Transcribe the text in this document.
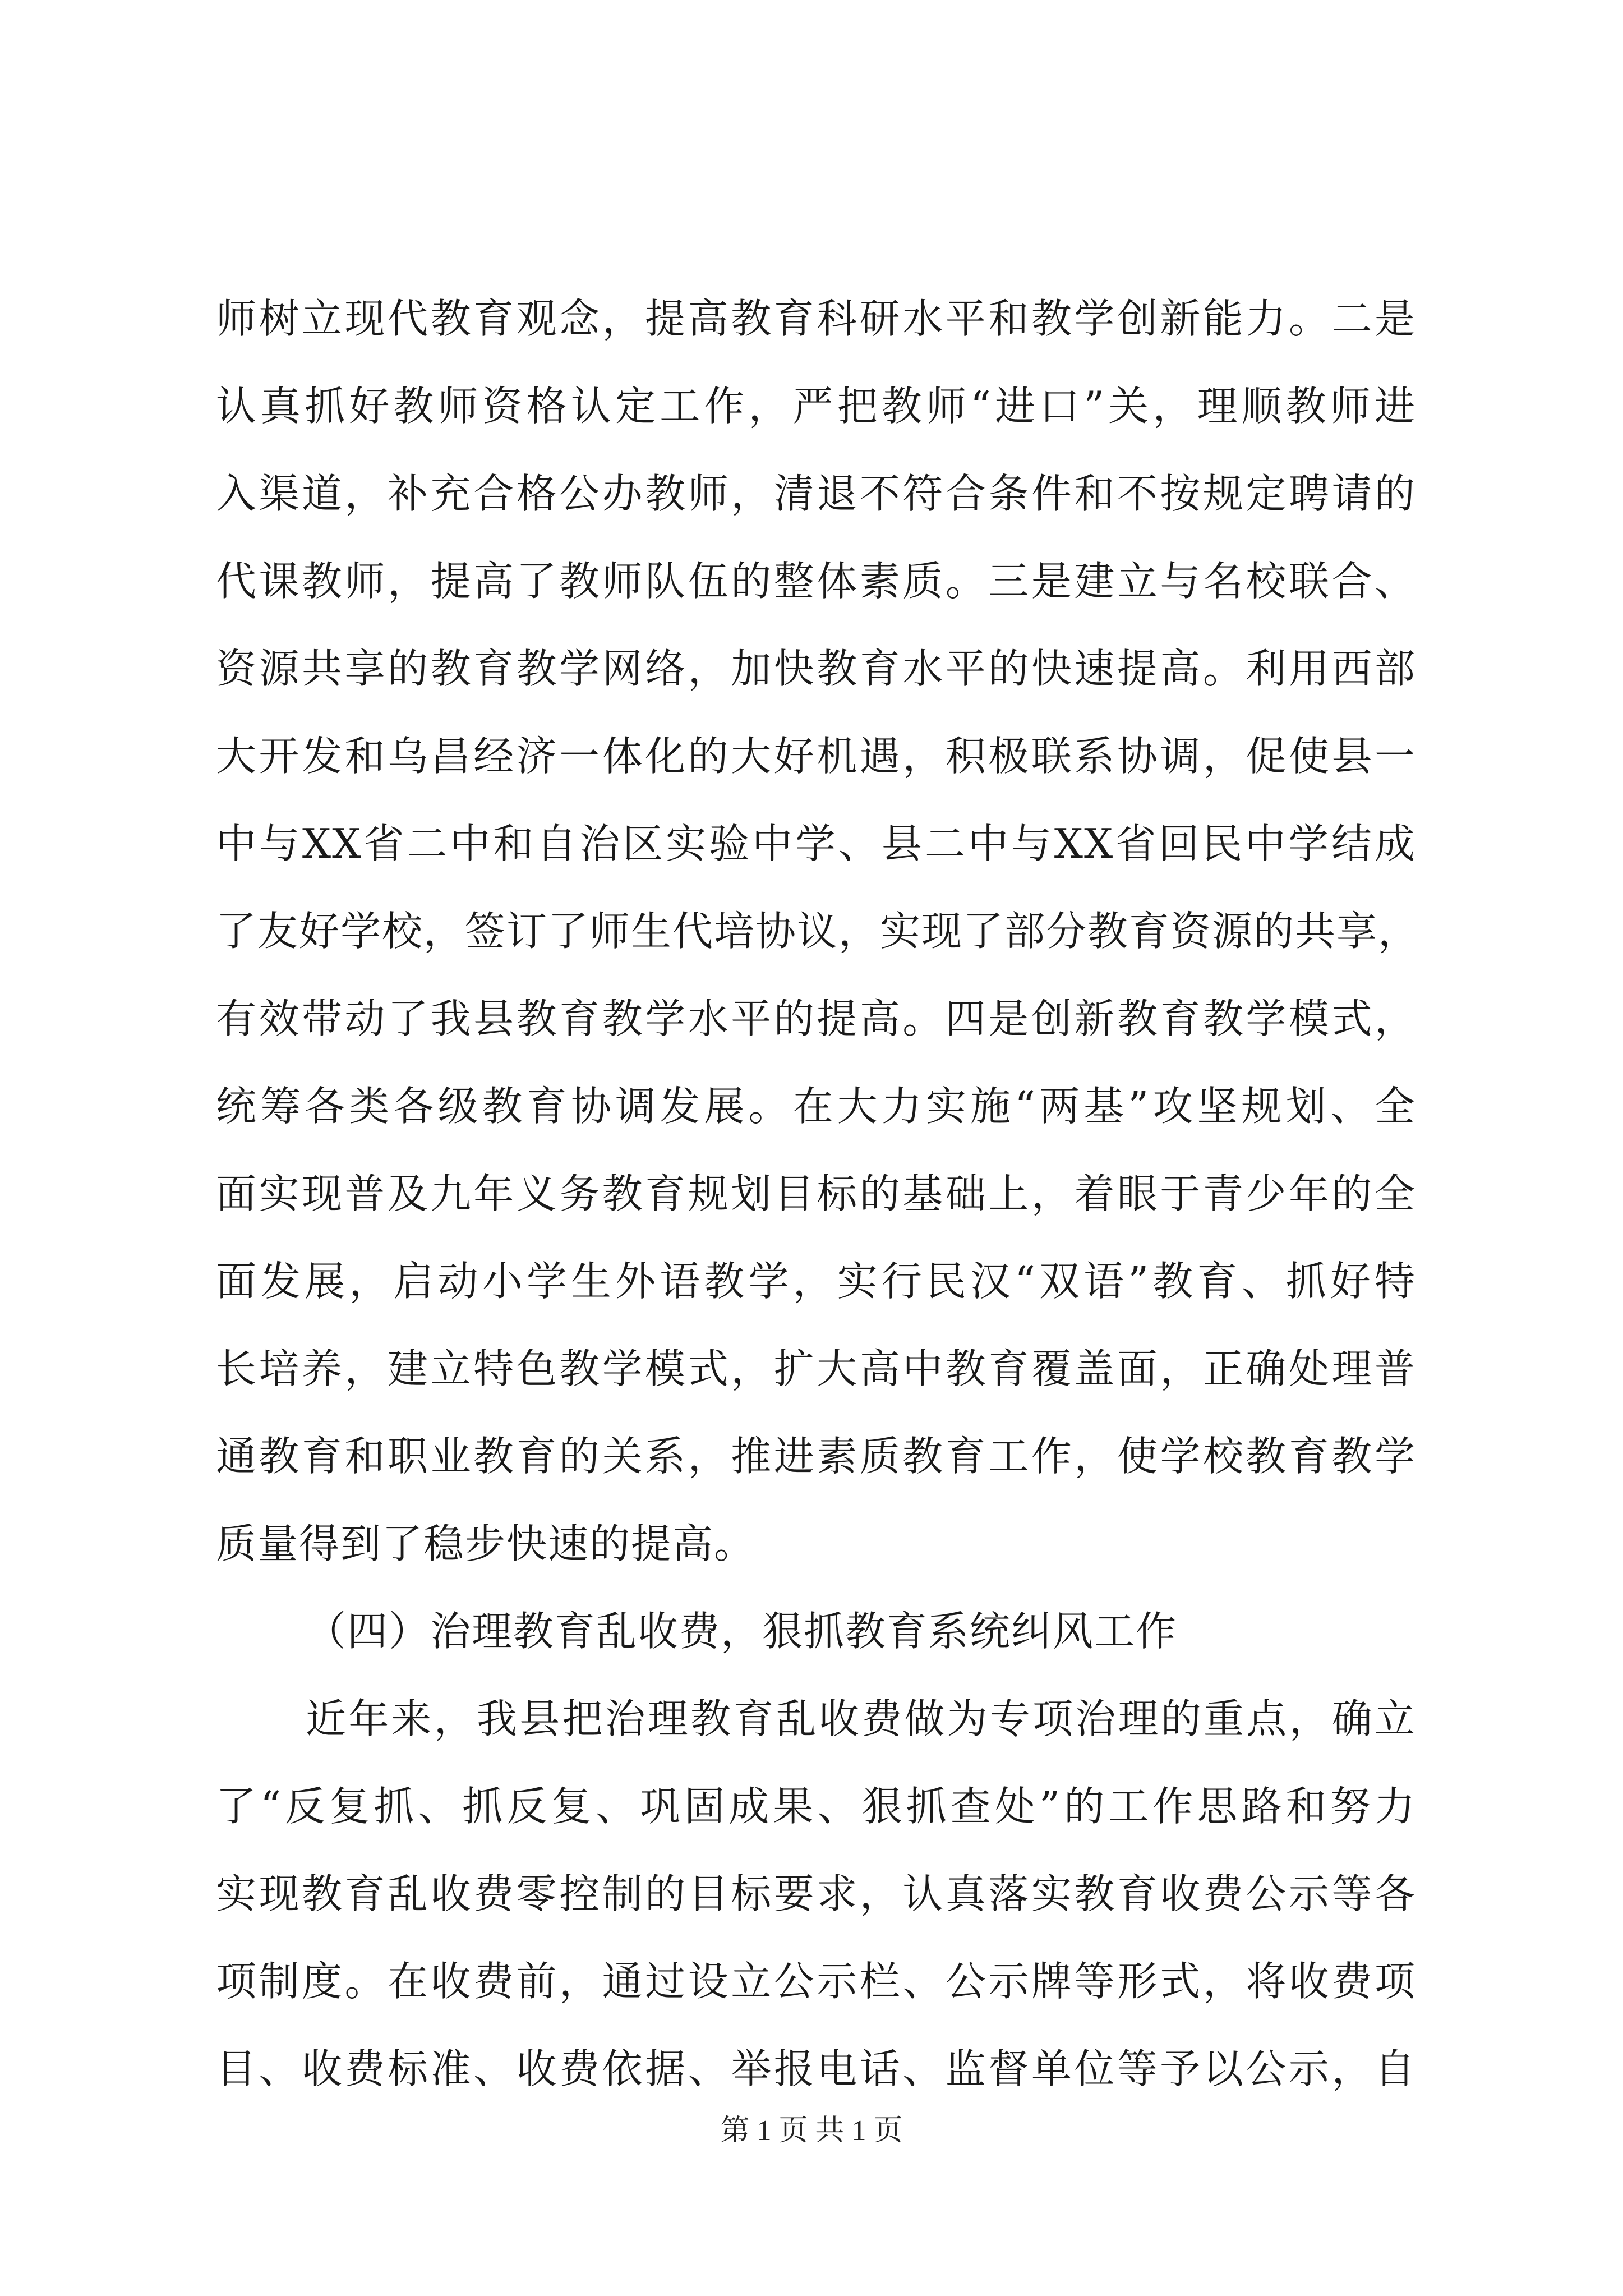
师树立现代教育观念，提高教育科研水平和教学创新能力。二是
认真抓好教师资格认定工作，严把教师“进口”关，理顺教师进
入渠道，补充合格公办教师，清退不符合条件和不按规定聘请的
代课教师，提高了教师队伍的整体素质。三是建立与名校联合、
资源共享的教育教学网络，加快教育水平的快速提高。利用西部
大开发和乌昌经济一体化的大好机遇，积极联系协调，促使县一
中与XX省二中和自治区实验中学、县二中与XX省回民中学结成
了友好学校，签订了师生代培协议，实现了部分教育资源的共享，
有效带动了我县教育教学水平的提高。四是创新教育教学模式，
统筹各类各级教育协调发展。在大力实施“两基”攻坚规划、全
面实现普及九年义务教育规划目标的基础上，着眼于青少年的全
面发展，启动小学生外语教学，实行民汉“双语”教育、抓好特
长培养，建立特色教学模式，扩大高中教育覆盖面，正确处理普
通教育和职业教育的关系，推进素质教育工作，使学校教育教学
质量得到了稳步快速的提高。
（四）治理教育乱收费，狠抓教育系统纠风工作
近年来，我县把治理教育乱收费做为专项治理的重点，确立
了“反复抓、抓反复、巩固成果、狠抓查处”的工作思路和努力
实现教育乱收费零控制的目标要求，认真落实教育收费公示等各
项制度。在收费前，通过设立公示栏、公示牌等形式，将收费项
目、收费标准、收费依据、举报电话、监督单位等予以公示，自
第 1 页 共 1 页
